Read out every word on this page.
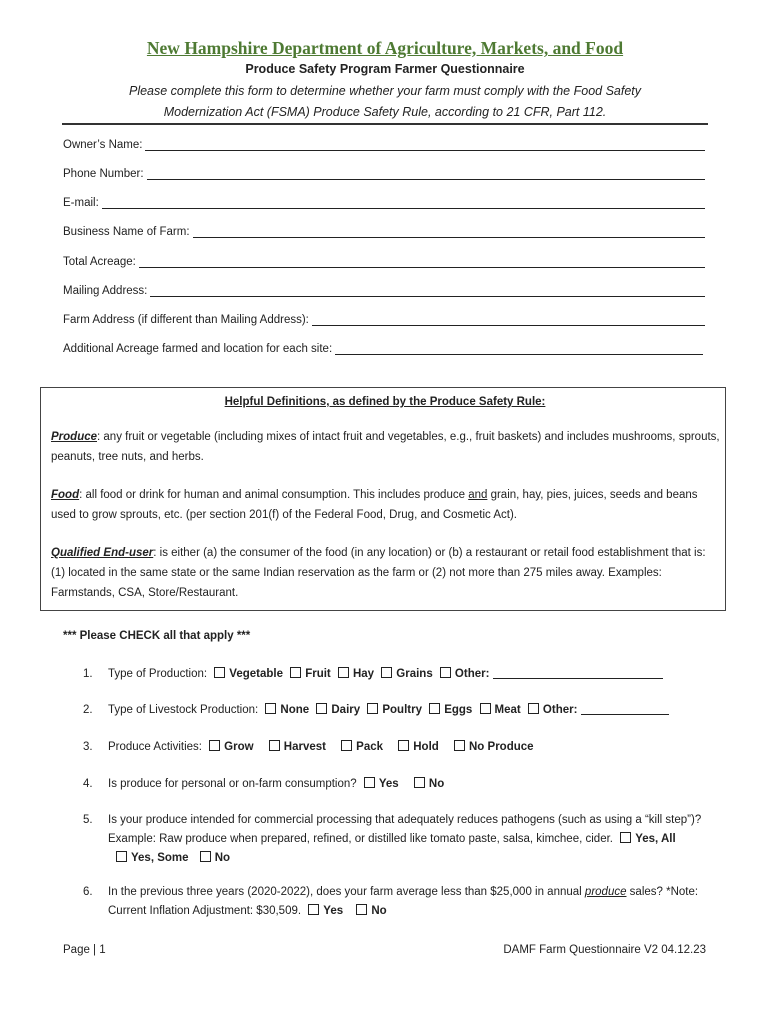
New Hampshire Department of Agriculture, Markets, and Food
Produce Safety Program Farmer Questionnaire
Please complete this form to determine whether your farm must comply with the Food Safety Modernization Act (FSMA) Produce Safety Rule, according to 21 CFR, Part 112.
Owner’s Name:
Phone Number:
E-mail:
Business Name of Farm:
Total Acreage:
Mailing Address:
Farm Address (if different than Mailing Address):
Additional Acreage farmed and location for each site:
Helpful Definitions, as defined by the Produce Safety Rule:
Produce: any fruit or vegetable (including mixes of intact fruit and vegetables, e.g., fruit baskets) and includes mushrooms, sprouts, peanuts, tree nuts, and herbs.
Food: all food or drink for human and animal consumption. This includes produce and grain, hay, pies, juices, seeds and beans used to grow sprouts, etc. (per section 201(f) of the Federal Food, Drug, and Cosmetic Act).
Qualified End-user: is either (a) the consumer of the food (in any location) or (b) a restaurant or retail food establishment that is: (1) located in the same state or the same Indian reservation as the farm or (2) not more than 275 miles away. Examples: Farmstands, CSA, Store/Restaurant.
*** Please CHECK all that apply ***
1.	Type of Production: Vegetable Fruit Hay Grains Other:
2.	Type of Livestock Production: None Dairy Poultry Eggs Meat Other:
3.	Produce Activities: Grow	Harvest	Pack	Hold	No Produce
4.	Is produce for personal or on-farm consumption? Yes	No
5.	Is your produce intended for commercial processing that adequately reduces pathogens (such as using a “kill step”)? Example: Raw produce when prepared, refined, or distilled like tomato paste, salsa, kimchee, cider. Yes, All Yes, Some No
6.	In the previous three years (2020-2022), does your farm average less than $25,000 in annual produce sales? *Note: Current Inflation Adjustment: $30,509. Yes No
Page | 1	DAMF Farm Questionnaire V2 04.12.23
